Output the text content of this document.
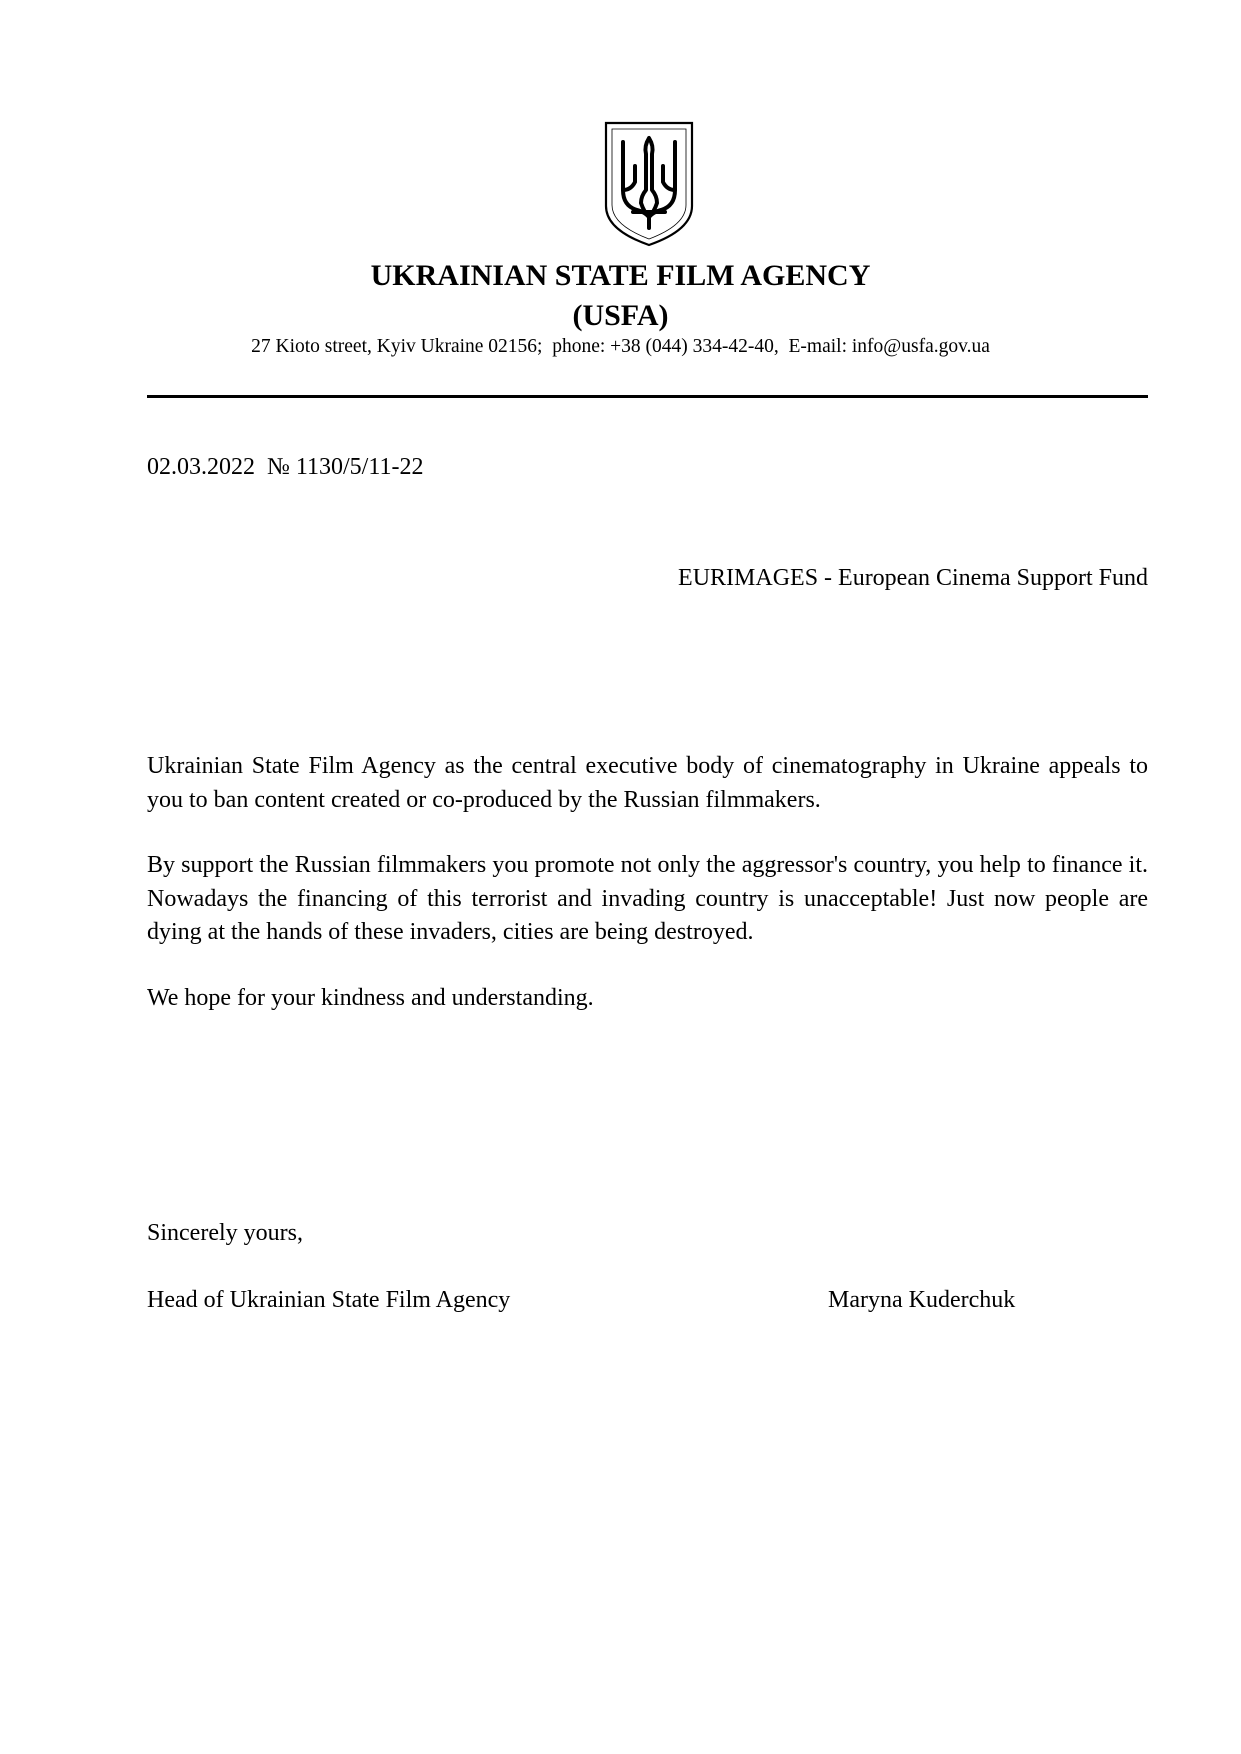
UKRAINIAN STATE FILM AGENCY
(USFA)
27 Kioto street, Kyiv Ukraine 02156;  phone: +38 (044) 334-42-40,  E-mail: info@usfa.gov.ua
02.03.2022  № 1130/5/11-22
EURIMAGES - European Cinema Support Fund

Ukrainian State Film Agency as the central executive body of cinematography in Ukraine appeals to you to ban content created or co-produced by the Russian filmmakers.

By support the Russian filmmakers you promote not only the aggressor's country, you help to finance it. Nowadays the financing of this terrorist and invading country is unacceptable! Just now people are dying at the hands of these invaders, cities are being destroyed.

We hope for your kindness and understanding.

Sincerely yours,
Head of Ukrainian State Film Agency	Maryna Kuderchuk
